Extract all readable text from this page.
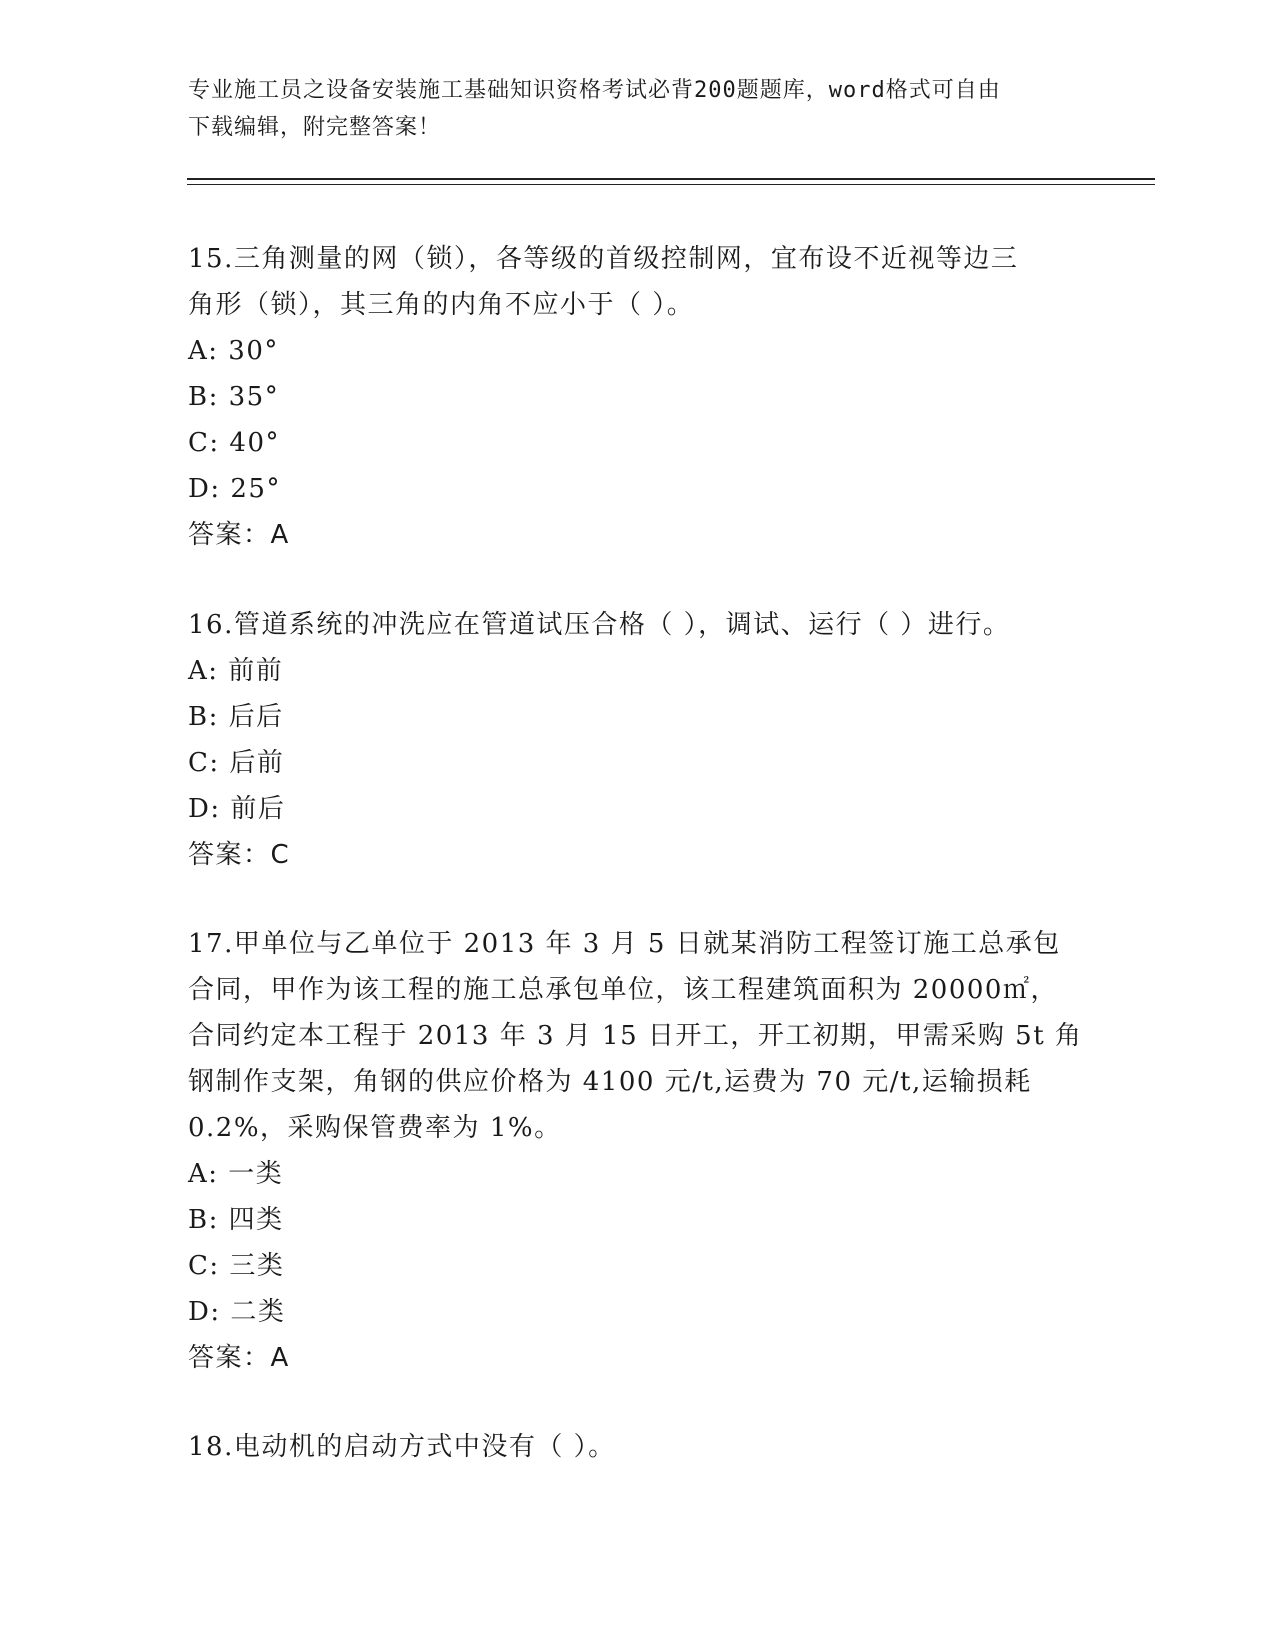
专业施工员之设备安装施工基础知识资格考试必背200题题库，word格式可自由
下载编辑，附完整答案！
15.三角测量的网（锁），各等级的首级控制网，宜布设不近视等边三
角形（锁），其三角的内角不应小于（ ）。
A: 30°
B: 35°
C: 40°
D: 25°
答案：A
16.管道系统的冲洗应在管道试压合格（ ），调试、运行（ ）进行。
A: 前前
B: 后后
C: 后前
D: 前后
答案：C
17.甲单位与乙单位于 2013 年 3 月 5 日就某消防工程签订施工总承包
合同，甲作为该工程的施工总承包单位，该工程建筑面积为 20000㎡，
合同约定本工程于 2013 年 3 月 15 日开工，开工初期，甲需采购 5t 角
钢制作支架，角钢的供应价格为 4100 元/t,运费为 70 元/t,运输损耗
0.2%，采购保管费率为 1%。
A: 一类
B: 四类
C: 三类
D: 二类
答案：A
18.电动机的启动方式中没有（ ）。
